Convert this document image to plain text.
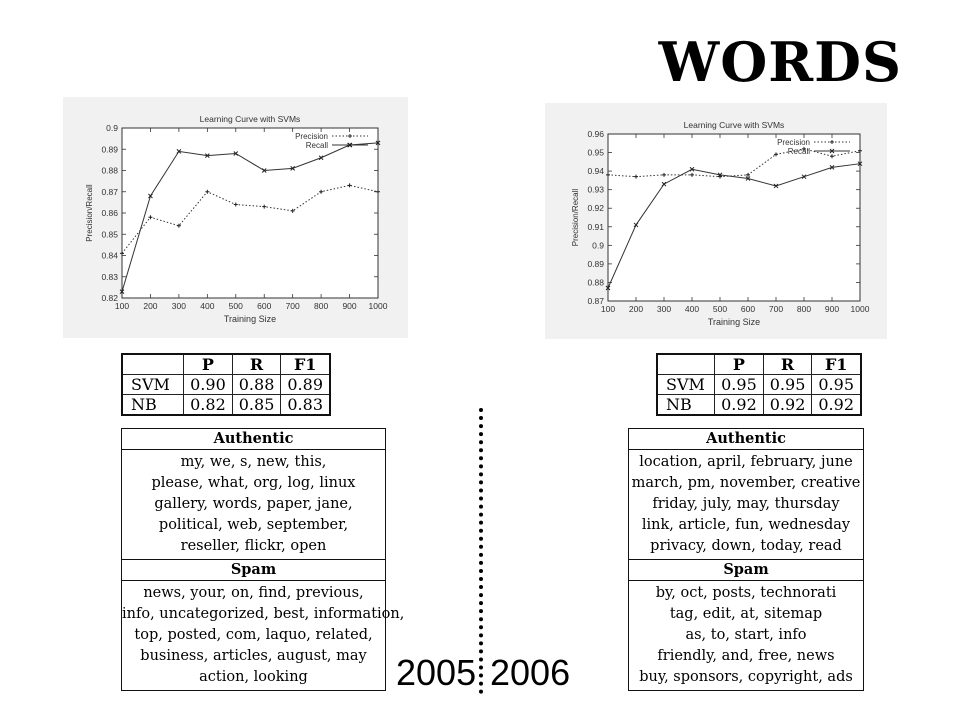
WORDS
0.82
0.83
0.84
0.85
0.86
0.87
0.88
0.89
0.9
100 200 300 400 500 600 700 800 900 1000
Learning Curve with SVMs
Training Size
Precision/Recall
Precision
Recall
0.87
0.88
0.89
0.9
0.91
0.92
0.93
0.94
0.95
0.96
100 200 300 400 500 600 700 800 900 1000
Learning Curve with SVMs
Training Size
Precision/Recall
Precision
Recall
	P	R	F1
SVM	0.90	0.88	0.89
NB	0.82	0.85	0.83
	P	R	F1
SVM	0.95	0.95	0.95
NB	0.92	0.92	0.92
Authentic
my, we, s, new, this,
please, what, org, log, linux
gallery, words, paper, jane,
political, web, september,
reseller, flickr, open
Spam
news, your, on, find, previous,
info, uncategorized, best, information,
top, posted, com, laquo, related,
business, articles, august, may
action, looking
Authentic
location, april, february, june
march, pm, november, creative
friday, july, may, thursday
link, article, fun, wednesday
privacy, down, today, read
Spam
by, oct, posts, technorati
tag, edit, at, sitemap
as, to, start, info
friendly, and, free, news
buy, sponsors, copyright, ads
2005 2006
